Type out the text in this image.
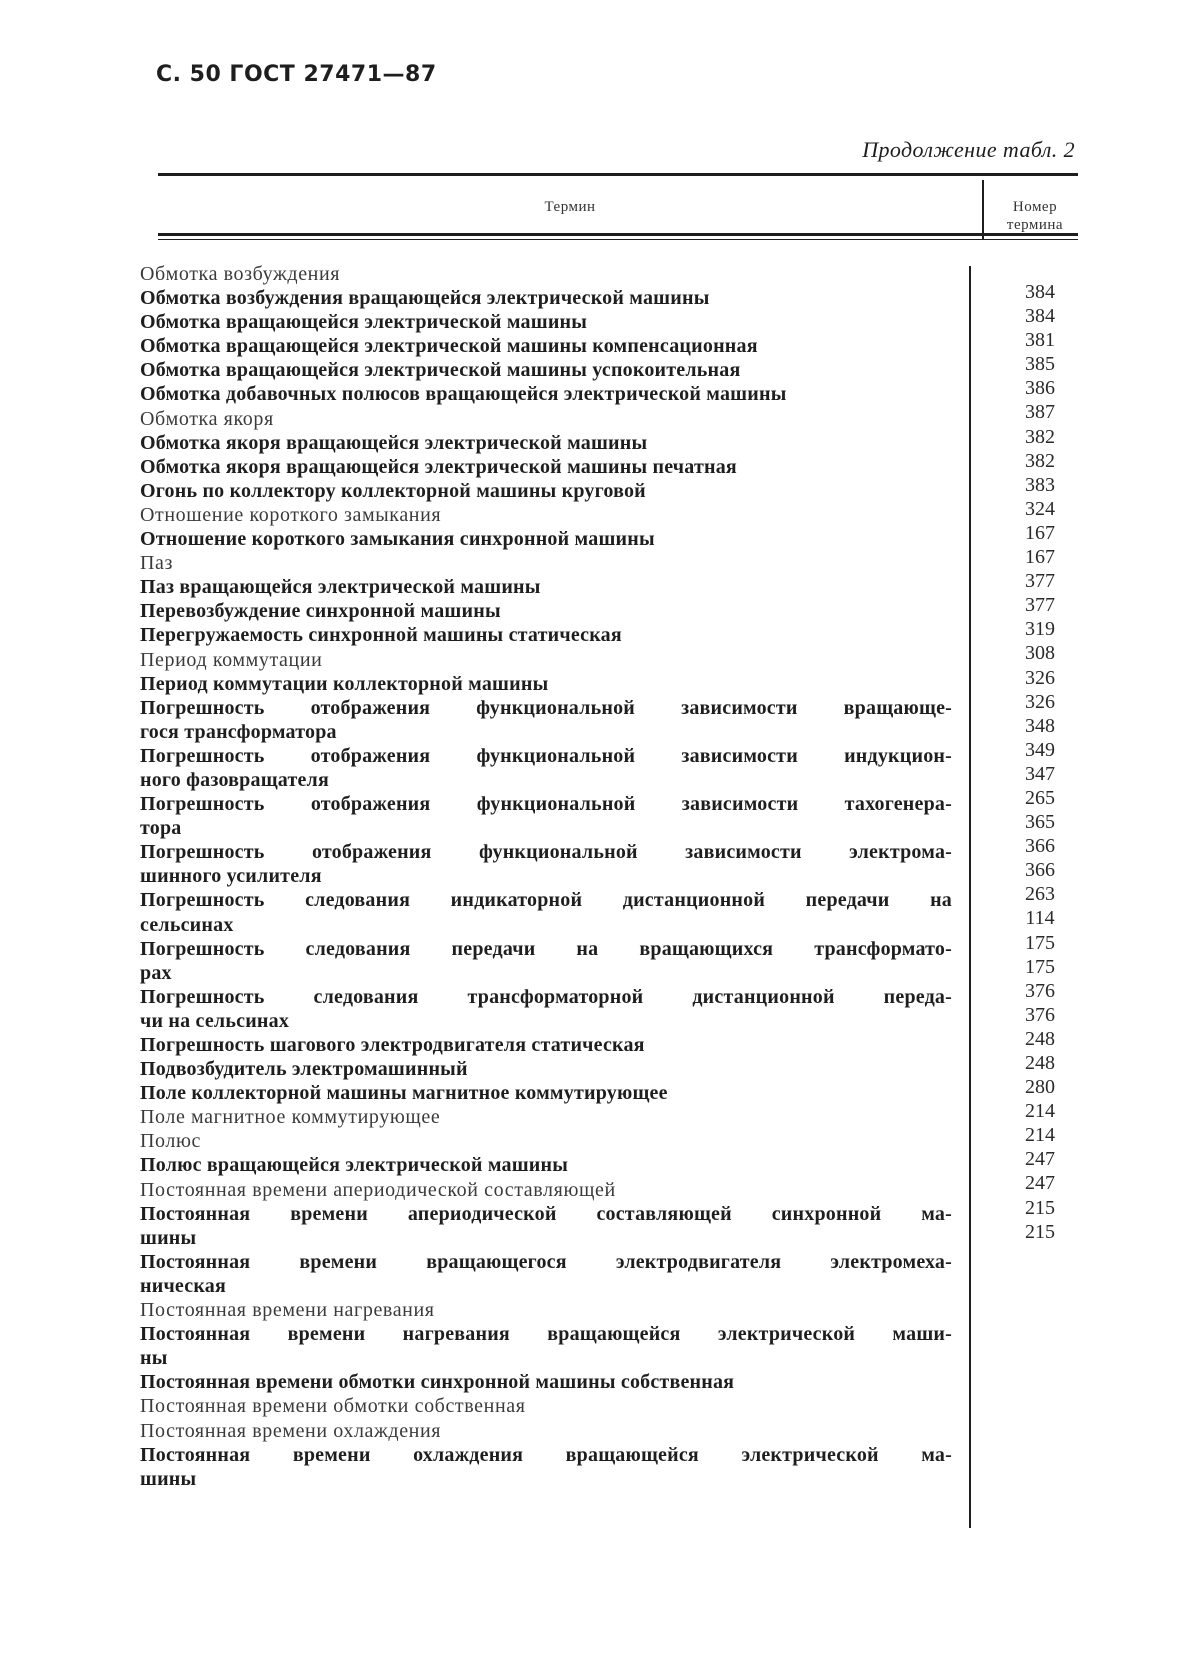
С. 50 ГОСТ 27471—87
Продолжение табл. 2
Термин	Номер
термина
Обмотка возбуждения
Обмотка возбуждения вращающейся электрической машины
Обмотка вращающейся электрической машины
Обмотка вращающейся электрической машины компенсационная
Обмотка вращающейся электрической машины успокоительная
Обмотка добавочных полюсов вращающейся электрической машины
Обмотка якоря
Обмотка якоря вращающейся электрической машины
Обмотка якоря вращающейся электрической машины печатная
Огонь по коллектору коллекторной машины круговой
Отношение короткого замыкания
Отношение короткого замыкания синхронной машины
Паз
Паз вращающейся электрической машины
Перевозбуждение синхронной машины
Перегружаемость синхронной машины статическая
Период коммутации
Период коммутации коллекторной машины
Погрешность отображения функциональной зависимости вращающе-
гося трансформатора
Погрешность отображения функциональной зависимости индукцион-
ного фазовращателя
Погрешность отображения функциональной зависимости тахогенера-
тора
Погрешность отображения функциональной зависимости электрома-
шинного усилителя
Погрешность следования индикаторной дистанционной передачи на
сельсинах
Погрешность следования передачи на вращающихся трансформато-
рах
Погрешность следования трансформаторной дистанционной переда-
чи на сельсинах
Погрешность шагового электродвигателя статическая
Подвозбудитель электромашинный
Поле коллекторной машины магнитное коммутирующее
Поле магнитное коммутирующее
Полюс
Полюс вращающейся электрической машины
Постоянная времени апериодической составляющей
Постоянная времени апериодической составляющей синхронной ма-
шины
Постоянная времени вращающегося электродвигателя электромеха-
ническая
Постоянная времени нагревания
Постоянная времени нагревания вращающейся электрической маши-
ны
Постоянная времени обмотки синхронной машины собственная
Постоянная времени обмотки собственная
Постоянная времени охлаждения
Постоянная времени охлаждения вращающейся электрической ма-
шины
384
384
381
385
386
387
382
382
383
324
167
167
377
377
319
308
326
326
348
349
347
265
365
366
366
263
114
175
175
376
376
248
248
280
214
214
247
247
215
215
